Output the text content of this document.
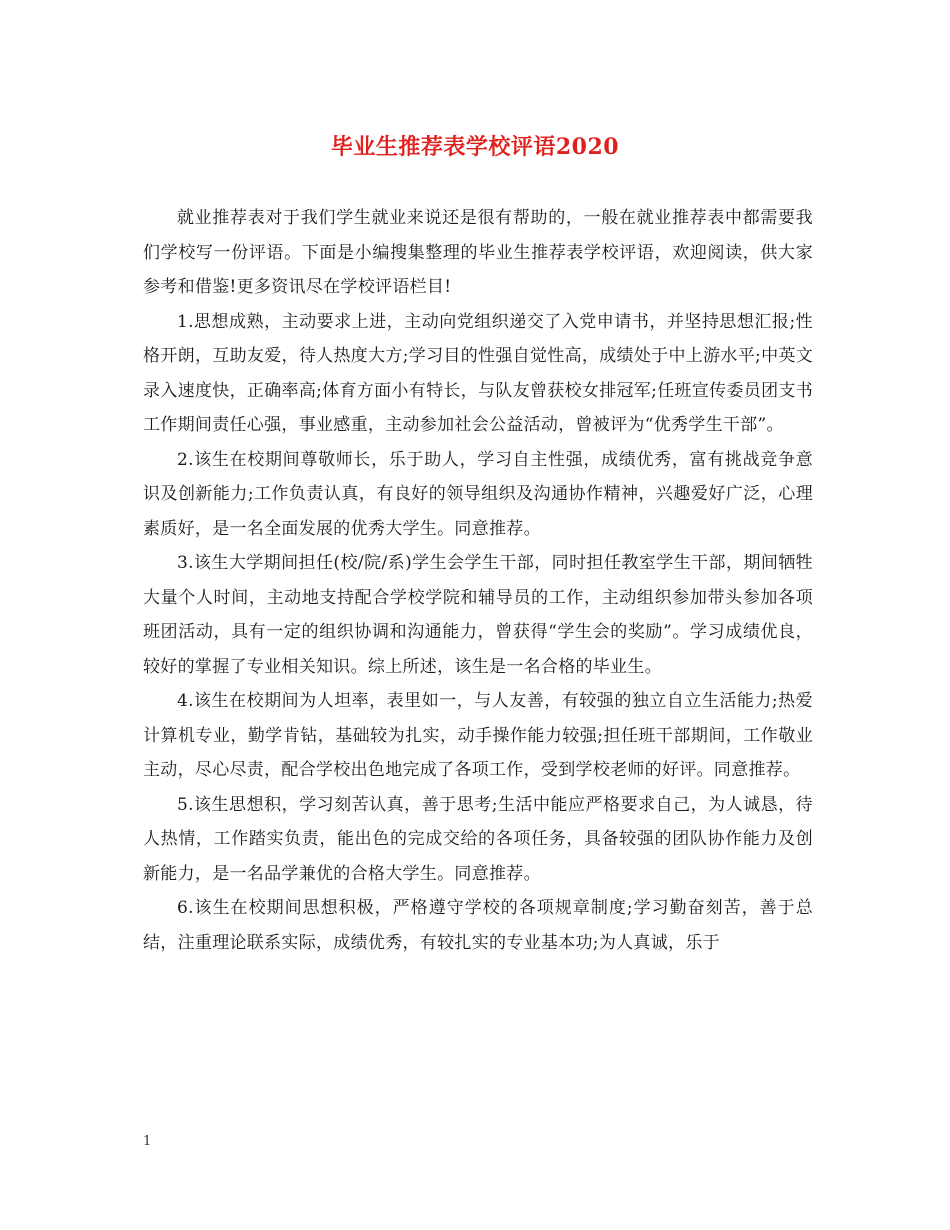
毕业生推荐表学校评语2020

就业推荐表对于我们学生就业来说还是很有帮助的，一般在就业推荐表中都需要我们学校写一份评语。下面是小编搜集整理的毕业生推荐表学校评语，欢迎阅读，供大家参考和借鉴!更多资讯尽在学校评语栏目!

1.思想成熟，主动要求上进，主动向党组织递交了入党申请书，并坚持思想汇报;性格开朗，互助友爱，待人热度大方;学习目的性强自觉性高，成绩处于中上游水平;中英文录入速度快，正确率高;体育方面小有特长，与队友曾获校女排冠军;任班宣传委员团支书工作期间责任心强，事业感重，主动参加社会公益活动，曾被评为“优秀学生干部”。

2.该生在校期间尊敬师长，乐于助人，学习自主性强，成绩优秀，富有挑战竞争意识及创新能力;工作负责认真，有良好的领导组织及沟通协作精神，兴趣爱好广泛，心理素质好，是一名全面发展的优秀大学生。同意推荐。

3.该生大学期间担任(校/院/系)学生会学生干部，同时担任教室学生干部，期间牺牲大量个人时间，主动地支持配合学校学院和辅导员的工作，主动组织参加带头参加各项班团活动，具有一定的组织协调和沟通能力，曾获得“学生会的奖励”。学习成绩优良，较好的掌握了专业相关知识。综上所述，该生是一名合格的毕业生。

4.该生在校期间为人坦率，表里如一，与人友善，有较强的独立自立生活能力;热爱计算机专业，勤学肯钻，基础较为扎实，动手操作能力较强;担任班干部期间，工作敬业主动，尽心尽责，配合学校出色地完成了各项工作，受到学校老师的好评。同意推荐。

5.该生思想积，学习刻苦认真，善于思考;生活中能应严格要求自己，为人诚恳，待人热情，工作踏实负责，能出色的完成交给的各项任务，具备较强的团队协作能力及创新能力，是一名品学兼优的合格大学生。同意推荐。

6.该生在校期间思想积极，严格遵守学校的各项规章制度;学习勤奋刻苦，善于总结，注重理论联系实际，成绩优秀，有较扎实的专业基本功;为人真诚，乐于

1
